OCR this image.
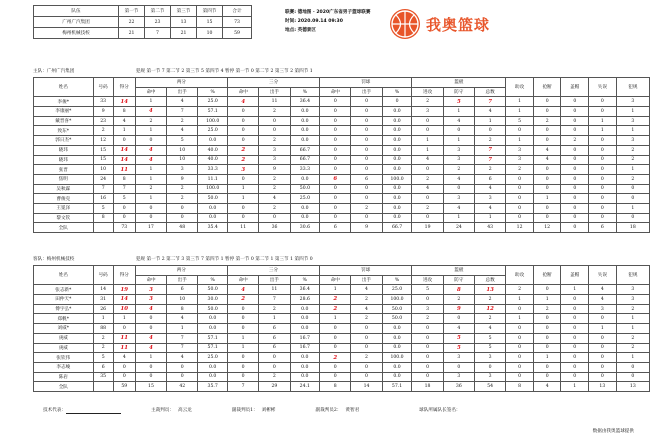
队伍	第一节	第二节	第三节	第四节	合计
广州广汽集团	22	23	13	15	73
梅州机械技校	21	7	21	10	59
联赛: 德地图 · 2020广东省男子篮球联赛
时间: 2020.09.14 09:30
地点: 英德景区	我奥篮球
主队：广州广汽集团	犯规 第一节 7 第二节 2 第三节 5 第四节 4 暂停 第一节 0 第二节 2 第三节 2 第四节 1
姓名	号码	得分	两分			三分			罚球			篮板			助攻	抢断	盖帽	失误	犯规
			命中	出手	%	命中	出手	%	命中	出手	%	进攻	防守	总数					
李俊*	33	14	1	4	25.0	4	11	36.4	0	0	0	2	5	7	1	0	0	0	3
李康丽*	9	8	4	7	57.1	0	2	0.0	0	0	0.0	3	1	4	1	0	0	0	1
戴晋喜*	23	4	2	2	100.0	0	0	0.0	0	0	0.0	0	4	1	5	2	0	1	3
致东*	2	1	1	4	25.0	0	0	0.0	0	0	0.0	0	0	0	0	0	0	1	1
郭日杰*	12	0	0	5	0.0	0	2	0.0	0	0	0.0	1	1	2	1	0	2	0	3
晓玮	15	14	4	10	40.0	2	3	66.7	0	0	0.0	1	3	7	3	4	0	0	2
晓玮	15	14	4	10	40.0	2	3	66.7	0	0	0.0	4	3	7	3	4	0	0	2
张晋	10	11	1	3	33.3	3	9	33.3	0	0	0.0	0	2	2	2	0	0	0	1
焦明	24	8	1	9	11.1	0	2	0.0	6	6	100.0	2	4	6	0	0	0	0	2
吴秋霖	7	7	2	2	100.0	1	2	50.0	0	0	0.0	4	0	4	0	0	0	0	0
曹俊克	16	5	1	2	50.0	1	4	25.0	0	0	0.0	0	3	3	0	1	0	0	0
王冕泽	5	0	0	0	0.0	0	2	0.0	0	2	0.0	2	4	4	0	0	0	0	1
黎文钦	8	0	0	0	0.0	0	0	0.0	0	0	0.0	0	1	1	0	0	0	0	0
全队		73	17	48	35.4	11	36	30.6	6	9	66.7	19	24	43	12	12	0	6	18
客队：梅州机械技校	犯规 第一节 2 第二节 3 第三节 7 第四节 1 暂停 第一节 0 第二节 1 第三节 1 第四节 0
姓名	号码	得分	两分			三分			罚球			篮板			助攻	抢断	盖帽	失误	犯规
			命中	出手	%	命中	出手	%	命中	出手	%	进攻	防守	总数					
张志新*	14	19	3	6	50.0	4	11	36.4	1	4	25.0	5	8	13	2	0	1	4	3
田仲天*	31	14	3	10	30.0	2	7	28.6	2	2	100.0	0	2	2	1	1	0	4	3
傅宇弘*	26	10	4	8	50.0	0	2	0.0	2	4	50.0	3	9	12	0	2	0	3	2
郑帆*	1	1	0	4	0.0	0	1	0.0	1	2	50.0	2	0	2	1	0	0	0	1
刘威*	88	0	0	1	0.0	0	6	0.0	0	0	0.0	0	4	4	0	0	0	1	1
庚威	2	11	4	7	57.1	1	6	16.7	0	0	0.0	0	5	5	0	0	0	0	2
庚威	2	11	4	7	57.1	1	6	16.7	0	0	0.0	0	5	5	0	0	0	0	2
张钦伟	5	4	1	4	25.0	0	0	0.0	2	2	100.0	0	3	3	0	1	0	0	1
李志峻	6	0	0	0	0.0	0	0	0.0	0	0	0.0	0	0	0	0	0	0	0	0
陈岩	35	0	0	0	0.0	0	2	0.0	0	0	0.0	0	3	3	0	0	0	0	0
全队		59	15	42	35.7	7	29	24.1	8	14	57.1	18	36	54	8	4	1	13	13
技术代表：	主裁判员： 高云龙	副裁判员1： 刘彬彬	副裁判员2： 黄智君	球队所属队长签名：
数据由我奥篮球提供
